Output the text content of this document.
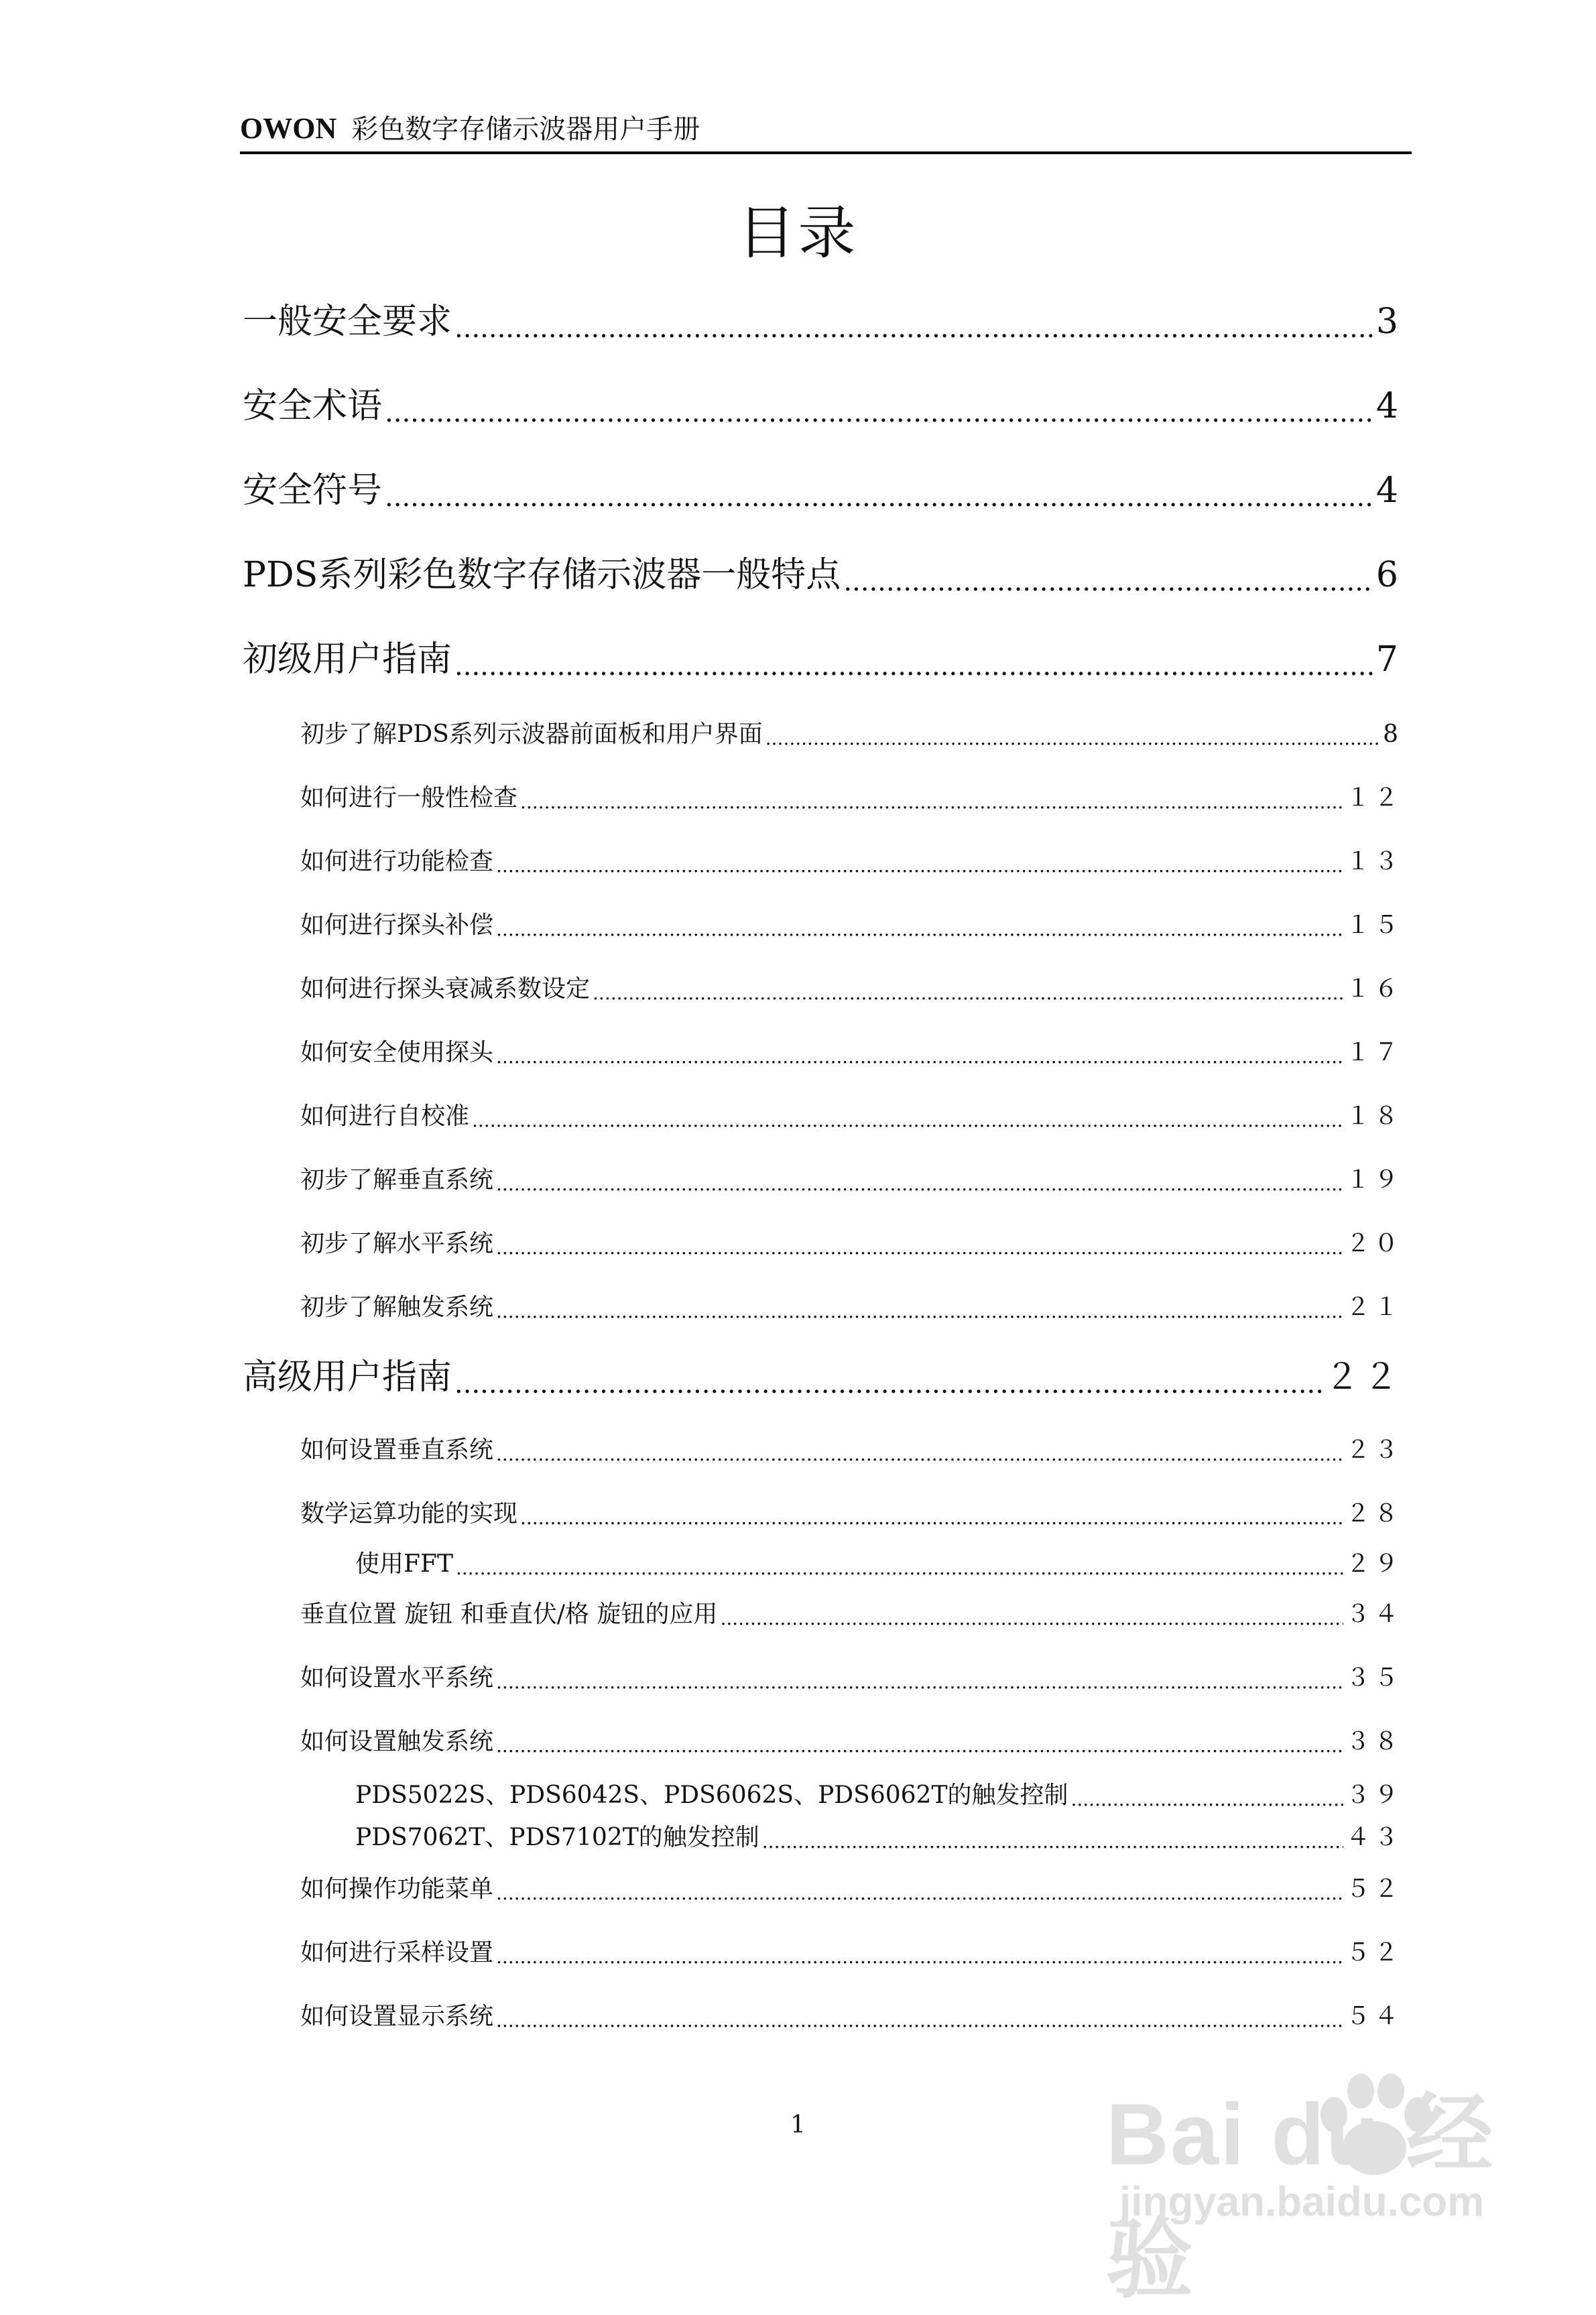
OWON 彩色数字存储示波器用户手册
目录
一般安全要求 .....	3
安全术语 .....	4
安全符号 .....	4
PDS系列彩色数字存储示波器一般特点 .....	6
初级用户指南 .....	7
初步了解PDS系列示波器前面板和用户界面 .....	8
如何进行一般性检查 .....	１２
如何进行功能检查 .....	１３
如何进行探头补偿 .....	１５
如何进行探头衰减系数设定 .....	１６
如何安全使用探头 .....	１７
如何进行自校准 .....	１８
初步了解垂直系统 .....	１９
初步了解水平系统 .....	２０
初步了解触发系统 .....	２１
高级用户指南 .....	２２
如何设置垂直系统 .....	２３
数学运算功能的实现 .....	２８
使用FFT .....	２９
垂直位置 旋钮 和垂直伏/格 旋钮的应用 .....	３４
如何设置水平系统 .....	３５
如何设置触发系统 .....	３８
PDS5022S、PDS6042S、PDS6062S、PDS6062T的触发控制 .....	３９
PDS7062T、PDS7102T的触发控制 .....	４３
如何操作功能菜单 .....	５２
如何进行采样设置 .....	５２
如何设置显示系统 .....	５４
1	Bai du 经验
jingyan.baidu.com
